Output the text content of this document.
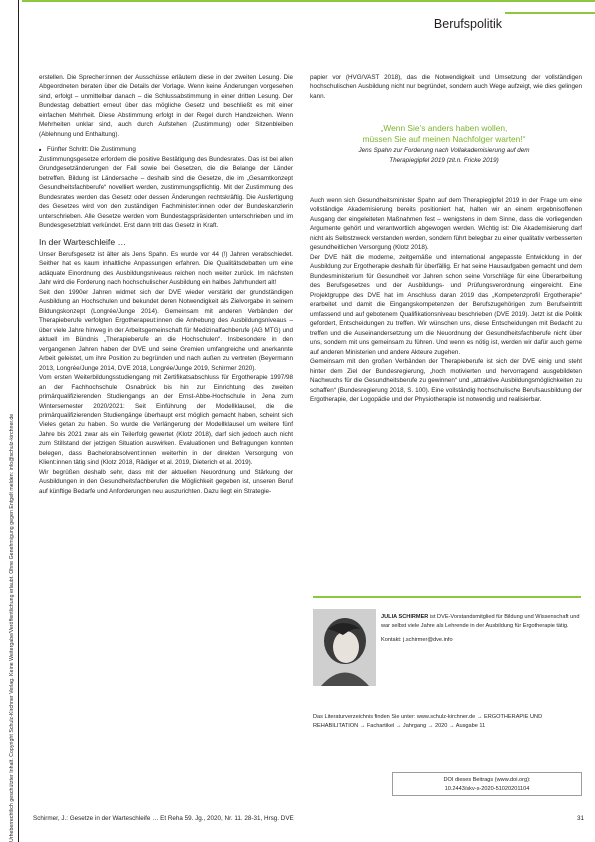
Urheberrechtlich geschützter Inhalt. Copyright Schulz-Kirchner Verlag. Keine Weitergabe/Veröffentlichung erlaubt. Ohne Genehmigung gegen Entgelt melden: info@schulz-kirchner.de
Berufspolitik

erstellen. Die Sprecher:innen der Ausschüsse erläutern diese in der zweiten Lesung. Die Abgeordneten beraten über die Details der Vorlage. Wenn keine Änderungen vorgesehen sind, erfolgt – unmittelbar danach – die Schlussabstimmung in einer dritten Lesung. Der Bundestag debattiert erneut über das mögliche Gesetz und beschließt es mit einer einfachen Mehrheit. Diese Abstimmung erfolgt in der Regel durch Handzeichen. Wenn Mehrheiten unklar sind, auch durch Aufstehen (Zustimmung) oder Sitzenbleiben (Ablehnung und Enthaltung).

■ Fünfter Schritt: Die Zustimmung

Zustimmungsgesetze erfordern die positive Bestätigung des Bundesrates. Das ist bei allen Grundgesetzänderungen der Fall sowie bei Gesetzen, die die Belange der Länder betreffen. Bildung ist Ländersache – deshalb sind die Gesetze, die im „Gesamtkonzept Gesundheitsfachberufe“ novelliert werden, zustimmungspflichtig. Mit der Zustimmung des Bundesrates werden das Gesetz oder dessen Änderungen rechtskräftig. Die Ausfertigung des Gesetzes wird von den zuständigen Fachminister:innen oder der Bundeskanzlerin unterschrieben. Alle Gesetze werden vom Bundestagspräsidenten unterschrieben und im Bundesgesetzblatt verkündet. Erst dann tritt das Gesetz in Kraft.

In der Warteschleife …

Unser Berufsgesetz ist älter als Jens Spahn. Es wurde vor 44 (!) Jahren verabschiedet. Seither hat es kaum inhaltliche Anpassungen erfahren. Die Qualitätsdebatten um eine adäquate Einordnung des Ausbildungsniveaus reichen noch weiter zurück. Im nächsten Jahr wird die Forderung nach hochschulischer Ausbildung ein halbes Jahrhundert alt!

Seit den 1990er Jahren widmet sich der DVE wieder verstärkt der grundständigen Ausbildung an Hochschulen und bekundet deren Notwendigkeit als Zielvorgabe in seinem Bildungskonzept (Longrée/Junge 2014). Gemeinsam mit anderen Verbänden der Therapieberufe verfolgten Ergotherapeut:innen die Anhebung des Ausbildungsniveaus – über viele Jahre hinweg in der Arbeitsgemeinschaft für Medizinalfachberufe (AG MTG) und aktuell im Bündnis „Therapieberufe an die Hochschulen“. Insbesondere in den vergangenen Jahren haben der DVE und seine Gremien umfangreiche und anerkannte Arbeit geleistet, um ihre Position zu begründen und nach außen zu vertreten (Beyermann 2013, Longrée/Junge 2014, DVE 2018, Longrée/Junge 2019, Schirmer 2020).

Vom ersten Weiterbildungsstudiengang mit Zertifikatsabschluss für Ergotherapie 1997/98 an der Fachhochschule Osnabrück bis hin zur Einrichtung des zweiten primärqualifizierenden Studiengangs an der Ernst-Abbe-Hochschule in Jena zum Wintersemester 2020/2021: Seit Einführung der Modellklausel, die die primärqualifizierenden Studiengänge überhaupt erst möglich gemacht haben, scheint sich Vieles getan zu haben. So wurde die Verlängerung der Modellklausel um weitere fünf Jahre bis 2021 zwar als ein Teilerfolg gewertet (Klotz 2018), darf sich jedoch auch nicht zum Stillstand der jetzigen Situation auswirken. Evaluationen und Befragungen konnten belegen, dass Bachelorabsolvent:innen weiterhin in der direkten Versorgung von Klient:innen tätig sind (Klotz 2018, Rädiger et al. 2019, Dieterich et al. 2019).

Wir begrüßen deshalb sehr, dass mit der aktuellen Neuordnung und Stärkung der Ausbildungen in den Gesundheitsfachberufen die Möglichkeit gegeben ist, unseren Beruf auf künftige Bedarfe und Anforderungen neu auszurichten. Dazu liegt ein Strategie-

papier vor (HVG/VAST 2018), das die Notwendigkeit und Umsetzung der vollständigen hochschulischen Ausbildung nicht nur begründet, sondern auch Wege aufzeigt, wie dies gelingen kann.

„Wenn Sie’s anders haben wollen,
müssen Sie auf meinen Nachfolger warten!“
Jens Spahn zur Forderung nach Vollakademisierung auf dem
Therapiegipfel 2019 (zit.n. Fricke 2019)

Auch wenn sich Gesundheitsminister Spahn auf dem Therapiegipfel 2019 in der Frage um eine vollständige Akademisierung bereits positioniert hat, halten wir an einem ergebnisoffenen Ausgang der eingeleiteten Maßnahmen fest – wenigstens in dem Sinne, dass die vorliegenden Argumente gehört und verantwortlich abgewogen werden. Wichtig ist: Die Akademisierung darf nicht als Selbstzweck verstanden werden, sondern führt belegbar zu einer qualitativ verbesserten gesundheitlichen Versorgung (Klotz 2018).

Der DVE hält die moderne, zeitgemäße und international angepasste Entwicklung in der Ausbildung zur Ergotherapie deshalb für überfällig. Er hat seine Hausaufgaben gemacht und dem Bundesministerium für Gesundheit vor Jahren schon seine Vorschläge für eine Überarbeitung des Berufsgesetzes und der Ausbildungs- und Prüfungsverordnung eingereicht. Eine Projektgruppe des DVE hat im Anschluss daran 2019 das „Kompetenzprofil Ergotherapie“ erarbeitet und damit die Eingangskompetenzen der Berufszugehörigen zum Berufseintritt umfassend und auf gebotenem Qualifikationsniveau beschrieben (DVE 2019). Jetzt ist die Politik gefordert, Entscheidungen zu treffen. Wir wünschen uns, diese Entscheidungen mit Bedacht zu treffen und die Auseinandersetzung um die Neuordnung der Gesundheitsfachberufe nicht über uns, sondern mit uns gemeinsam zu führen. Und wenn es nötig ist, werden wir dafür auch gerne auf anderen Ministerien und andere Akteure zugehen.

Gemeinsam mit den großen Verbänden der Therapieberufe ist sich der DVE einig und steht hinter dem Ziel der Bundesregierung, „hoch motivierten und hervorragend ausgebildeten Nachwuchs für die Gesundheitsberufe zu gewinnen“ und „attraktive Ausbildungsmöglichkeiten zu schaffen“ (Bundesregierung 2018, S. 100). Eine vollständig hochschulische Berufsausbildung der Ergotherapie, der Logopädie und der Physiotherapie ist notwendig und realisierbar.

JULIA SCHIRMER ist DVE-Vorstandsmitglied für Bildung und Wissenschaft und war selbst viele Jahre als Lehrende in der Ausbildung für Ergotherapie tätig.
Kontakt: j.schirmer@dve.info
Das Literaturverzeichnis finden Sie unter: www.schulz-kirchner.de → ERGOTHERAPIE UND REHABILITATION → Fachartikel → Jahrgang → 2020 → Ausgabe 11
DOI dieses Beitrags (www.doi.org):
10.2443/skv-s-2020-51020201104
Schirmer, J.: Gesetze in der Warteschleife … Et Reha 59. Jg., 2020, Nr. 11. 28-31, Hrsg. DVE	31
